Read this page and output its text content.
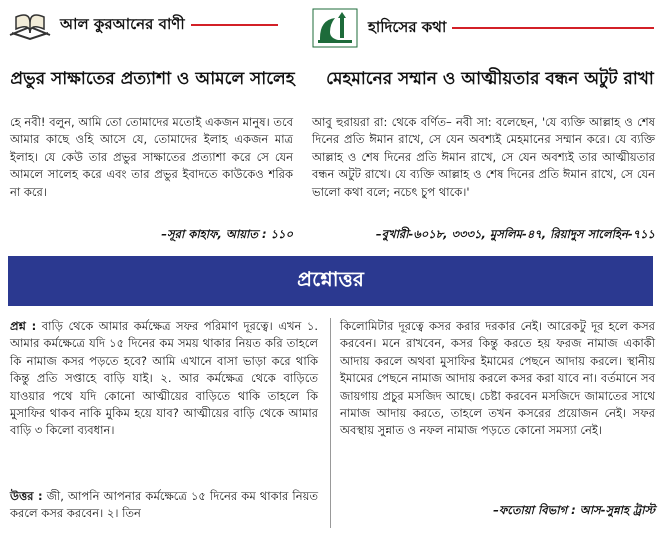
আল কুরআনের বাণী
প্রভুর সাক্ষাতের প্রত্যাশা ও আমলে সালেহ
হে নবী! বলুন, আমি তো তোমাদের মতোই একজন মানুষ। তবে আমার কাছে ওহি আসে যে, তোমাদের ইলাহ একজন মাত্র ইলাহ। যে কেউ তার প্রভুর সাক্ষাতের প্রত্যাশা করে সে যেন আমলে সালেহ করে এবং তার প্রভুর ইবাদতে কাউকেও শরিক না করে।
–সূরা কাহাফ, আয়াত : ১১০
হাদিসের কথা
মেহমানের সম্মান ও আত্মীয়তার বন্ধন অটুট রাখা
আবু হুরায়রা রা: থেকে বর্ণিত– নবী সা: বলেছেন, 'যে ব্যক্তি আল্লাহ ও শেষ দিনের প্রতি ঈমান রাখে, সে যেন অবশ্যই মেহমানের সম্মান করে। যে ব্যক্তি আল্লাহ ও শেষ দিনের প্রতি ঈমান রাখে, সে যেন অবশ্যই তার আত্মীয়তার বন্ধন অটুট রাখে। যে ব্যক্তি আল্লাহ ও শেষ দিনের প্রতি ঈমান রাখে, সে যেন ভালো কথা বলে; নচেৎ চুপ থাকে।'
–বুখারী-৬০১৮, ৩৩৩১, মুসলিম-৪৭, রিয়াদুস সালেহিন-৭১১
প্রশ্নোত্তর
প্রশ্ন : বাড়ি থেকে আমার কর্মক্ষেত্র সফর পরিমাণ দূরত্বে। এখন ১. আমার কর্মক্ষেত্রে যদি ১৫ দিনের কম সময় থাকার নিয়ত করি তাহলে কি নামাজ কসর পড়তে হবে? আমি এখানে বাসা ভাড়া করে থাকি কিন্তু প্রতি সপ্তাহে বাড়ি যাই। ২. আর কর্মক্ষেত্র থেকে বাড়িতে যাওয়ার পথে যদি কোনো আত্মীয়ের বাড়িতে থাকি তাহলে কি মুসাফির থাকব নাকি মুকিম হয়ে যাব? আত্মীয়ের বাড়ি থেকে আমার বাড়ি ৩ কিলো ব্যবধান।
উত্তর : জী, আপনি আপনার কর্মক্ষেত্রে ১৫ দিনের কম থাকার নিয়ত করলে কসর করবেন। ২। তিন
কিলোমিটার দূরত্বে কসর করার দরকার নেই। আরেকটু দূর হলে কসর করবেন। মনে রাখবেন, কসর কিন্তু করতে হয় ফরজ নামাজ একাকী আদায় করলে অথবা মুসাফির ইমামের পেছনে আদায় করলে। স্থানীয় ইমামের পেছনে নামাজ আদায় করলে কসর করা যাবে না। বর্তমানে সব জায়গায় প্রচুর মসজিদ আছে। চেষ্টা করবেন মসজিদে জামাতের সাথে নামাজ আদায় করতে, তাহলে তখন কসরের প্রয়োজন নেই। সফর অবস্থায় সুন্নাত ও নফল নামাজ পড়তে কোনো সমস্যা নেই।
–ফতোয়া বিভাগ : আস-সুন্নাহ ট্রাস্ট
